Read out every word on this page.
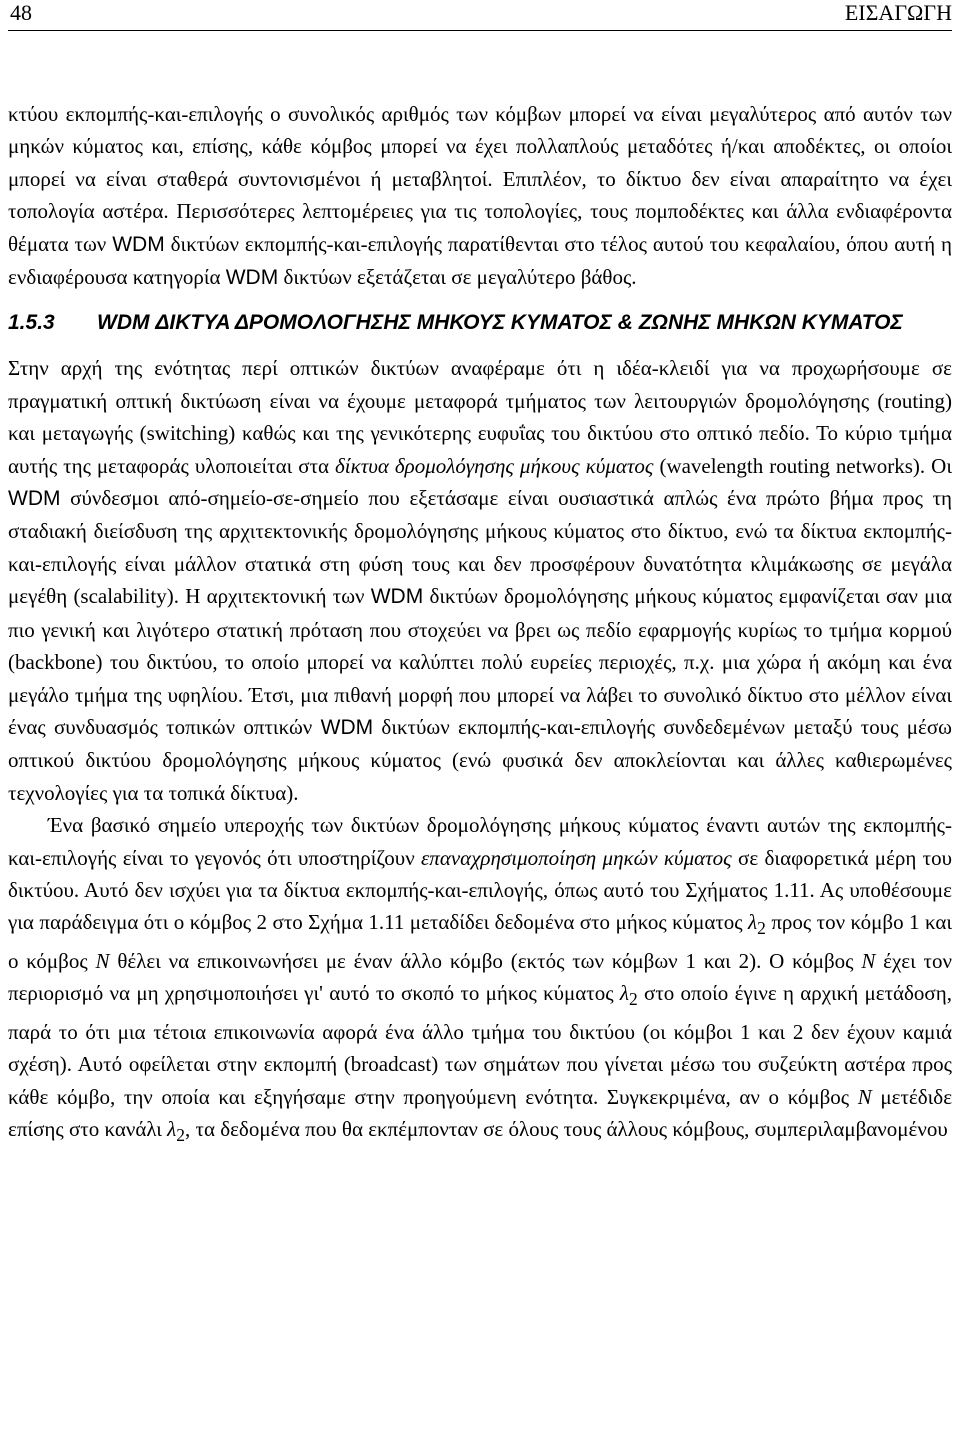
48	ΕΙΣΑΓΩΓΗ

κτύου εκπομπής-και-επιλογής ο συνολικός αριθμός των κόμβων μπορεί να είναι μεγαλύτερος από αυτόν των μηκών κύματος και, επίσης, κάθε κόμβος μπορεί να έχει πολλαπλούς μεταδότες ή/και αποδέκτες, οι οποίοι μπορεί να είναι σταθερά συντονισμένοι ή μεταβλητοί. Επιπλέον, το δίκτυο δεν είναι απαραίτητο να έχει τοπολογία αστέρα. Περισσότερες λεπτομέρειες για τις τοπολογίες, τους πομποδέκτες και άλλα ενδιαφέροντα θέματα των WDM δικτύων εκπομπής-και-επιλογής παρατίθενται στο τέλος αυτού του κεφαλαίου, όπου αυτή η ενδιαφέρουσα κατηγορία WDM δικτύων εξετάζεται σε μεγαλύτερο βάθος.

1.5.3	WDM ΔΙΚΤΥΑ ΔΡΟΜΟΛΟΓΗΣΗΣ ΜΗΚΟΥΣ ΚΥΜΑΤΟΣ & ΖΩΝΗΣ ΜΗΚΩΝ ΚΥΜΑΤΟΣ

Στην αρχή της ενότητας περί οπτικών δικτύων αναφέραμε ότι η ιδέα-κλειδί για να προχωρήσουμε σε πραγματική οπτική δικτύωση είναι να έχουμε μεταφορά τμήματος των λειτουργιών δρομολόγησης (routing) και μεταγωγής (switching) καθώς και της γενικότερης ευφυΐας του δικτύου στο οπτικό πεδίο. Το κύριο τμήμα αυτής της μεταφοράς υλοποιείται στα δίκτυα δρομολόγησης μήκους κύματος (wavelength routing networks). Οι WDM σύνδεσμοι από-σημείο-σε-σημείο που εξετάσαμε είναι ουσιαστικά απλώς ένα πρώτο βήμα προς τη σταδιακή διείσδυση της αρχιτεκτονικής δρομολόγησης μήκους κύματος στο δίκτυο, ενώ τα δίκτυα εκπομπής-και-επιλογής είναι μάλλον στατικά στη φύση τους και δεν προσφέρουν δυνατότητα κλιμάκωσης σε μεγάλα μεγέθη (scalability). Η αρχιτεκτονική των WDM δικτύων δρομολόγησης μήκους κύματος εμφανίζεται σαν μια πιο γενική και λιγότερο στατική πρόταση που στοχεύει να βρει ως πεδίο εφαρμογής κυρίως το τμήμα κορμού (backbone) του δικτύου, το οποίο μπορεί να καλύπτει πολύ ευρείες περιοχές, π.χ. μια χώρα ή ακόμη και ένα μεγάλο τμήμα της υφηλίου. Έτσι, μια πιθανή μορφή που μπορεί να λάβει το συνολικό δίκτυο στο μέλλον είναι ένας συνδυασμός τοπικών οπτικών WDM δικτύων εκπομπής-και-επιλογής συνδεδεμένων μεταξύ τους μέσω οπτικού δικτύου δρομολόγησης μήκους κύματος (ενώ φυσικά δεν αποκλείονται και άλλες καθιερωμένες τεχνολογίες για τα τοπικά δίκτυα).

Ένα βασικό σημείο υπεροχής των δικτύων δρομολόγησης μήκους κύματος έναντι αυτών της εκπομπής-και-επιλογής είναι το γεγονός ότι υποστηρίζουν επαναχρησιμοποίηση μηκών κύματος σε διαφορετικά μέρη του δικτύου. Αυτό δεν ισχύει για τα δίκτυα εκπομπής-και-επιλογής, όπως αυτό του Σχήματος 1.11. Ας υποθέσουμε για παράδειγμα ότι ο κόμβος 2 στο Σχήμα 1.11 μεταδίδει δεδομένα στο μήκος κύματος $\lambda_2$ προς τον κόμβο 1 και ο κόμβος N θέλει να επικοινωνήσει με έναν άλλο κόμβο (εκτός των κόμβων 1 και 2). Ο κόμβος N έχει τον περιορισμό να μη χρησιμοποιήσει γι' αυτό το σκοπό το μήκος κύματος $\lambda_2$ στο οποίο έγινε η αρχική μετάδοση, παρά το ότι μια τέτοια επικοινωνία αφορά ένα άλλο τμήμα του δικτύου (οι κόμβοι 1 και 2 δεν έχουν καμιά σχέση). Αυτό οφείλεται στην εκπομπή (broadcast) των σημάτων που γίνεται μέσω του συζεύκτη αστέρα προς κάθε κόμβο, την οποία και εξηγήσαμε στην προηγούμενη ενότητα. Συγκεκριμένα, αν ο κόμβος N μετέδιδε επίσης στο κανάλι $\lambda_2$, τα δεδομένα που θα εκπέμπονταν σε όλους τους άλλους κόμβους, συμπεριλαμβανομένου
